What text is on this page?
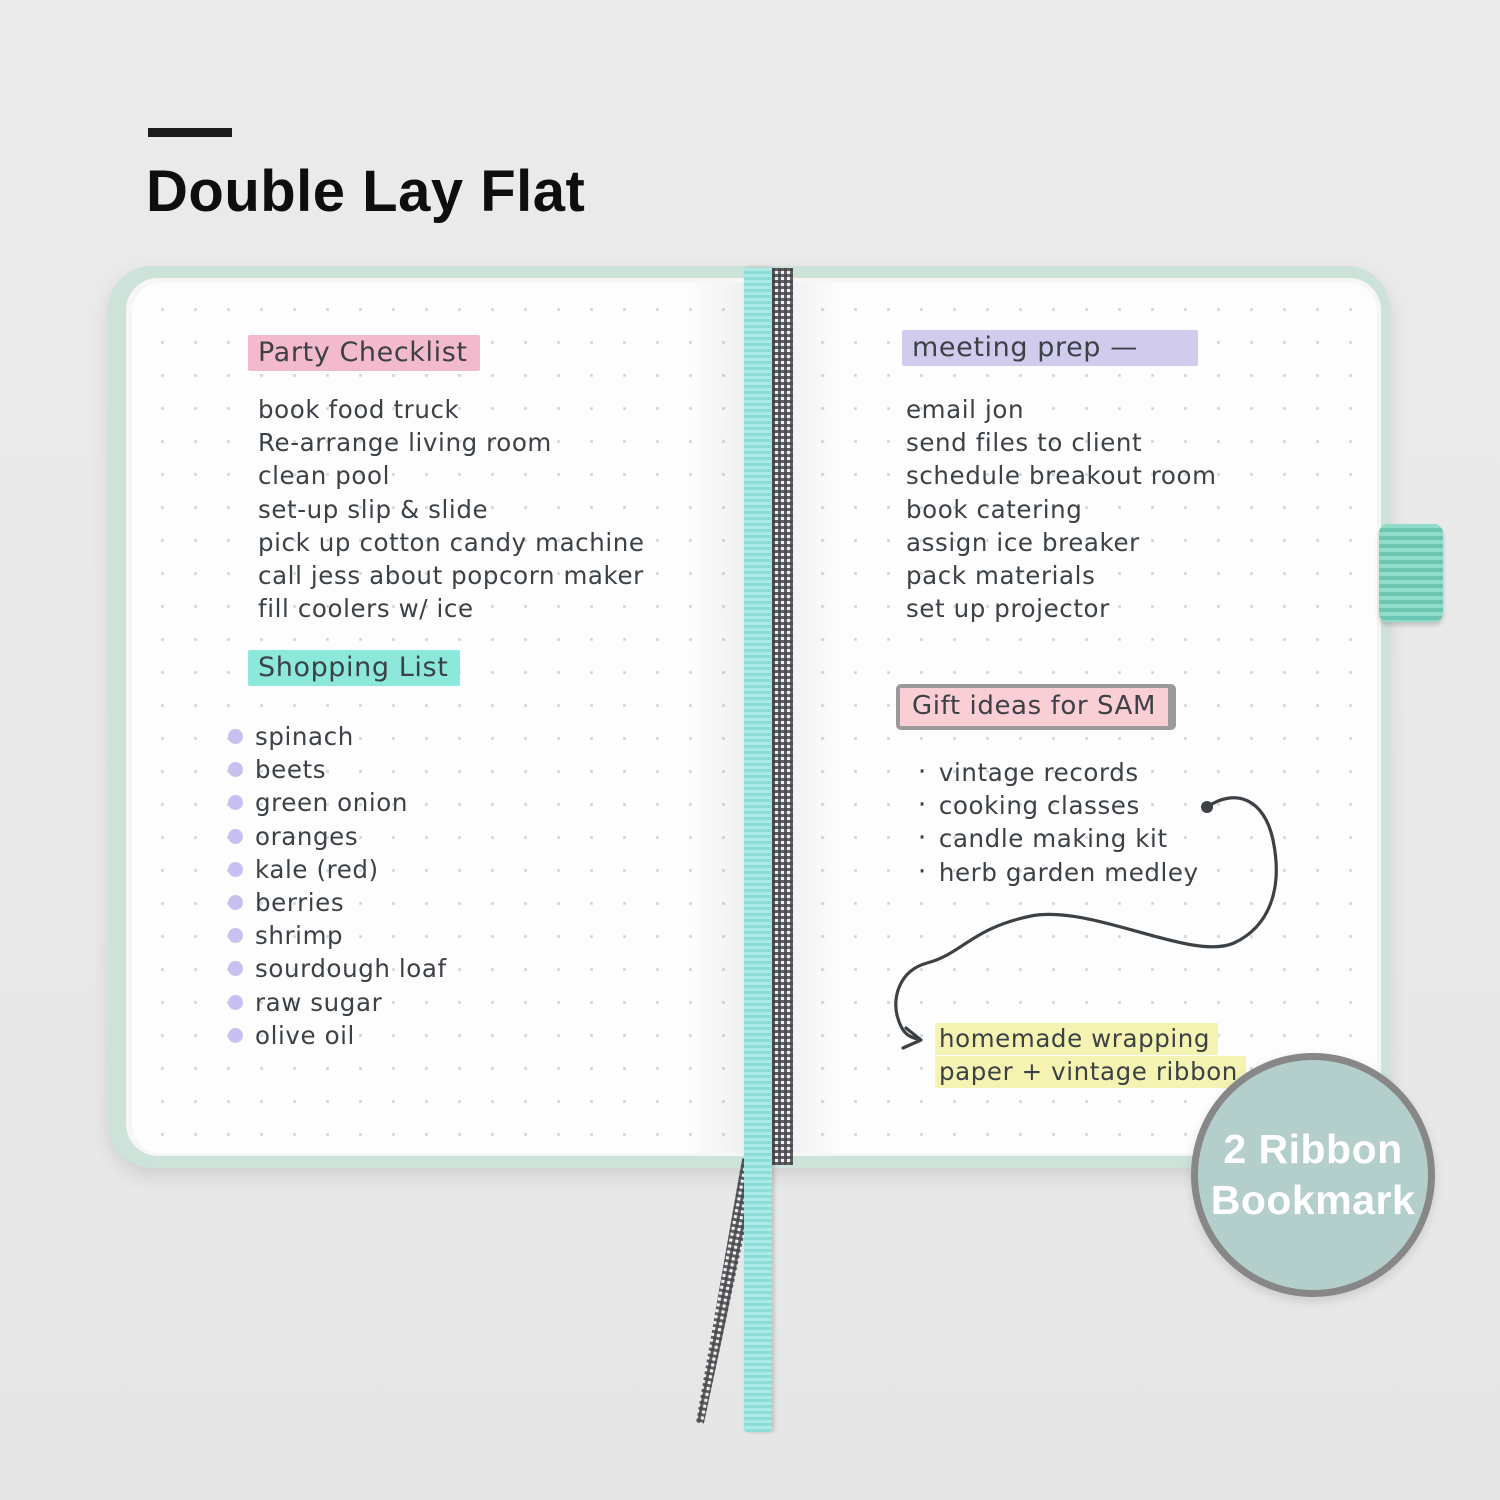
Double Lay Flat
Party Checklist
book food truck
Re-arrange living room
clean pool
set-up slip & slide
pick up cotton candy machine
call jess about popcorn maker
fill coolers w/ ice
Shopping List
spinach
beets
green onion
oranges
kale (red)
berries
shrimp
sourdough loaf
raw sugar
olive oil
meeting prep —
email jon
send files to client
schedule breakout room
book catering
assign ice breaker
pack materials
set up projector
Gift ideas for SAM
· vintage records
· cooking classes
· candle making kit
· herb garden medley
homemade wrapping
paper + vintage ribbon
2 Ribbon
Bookmark
